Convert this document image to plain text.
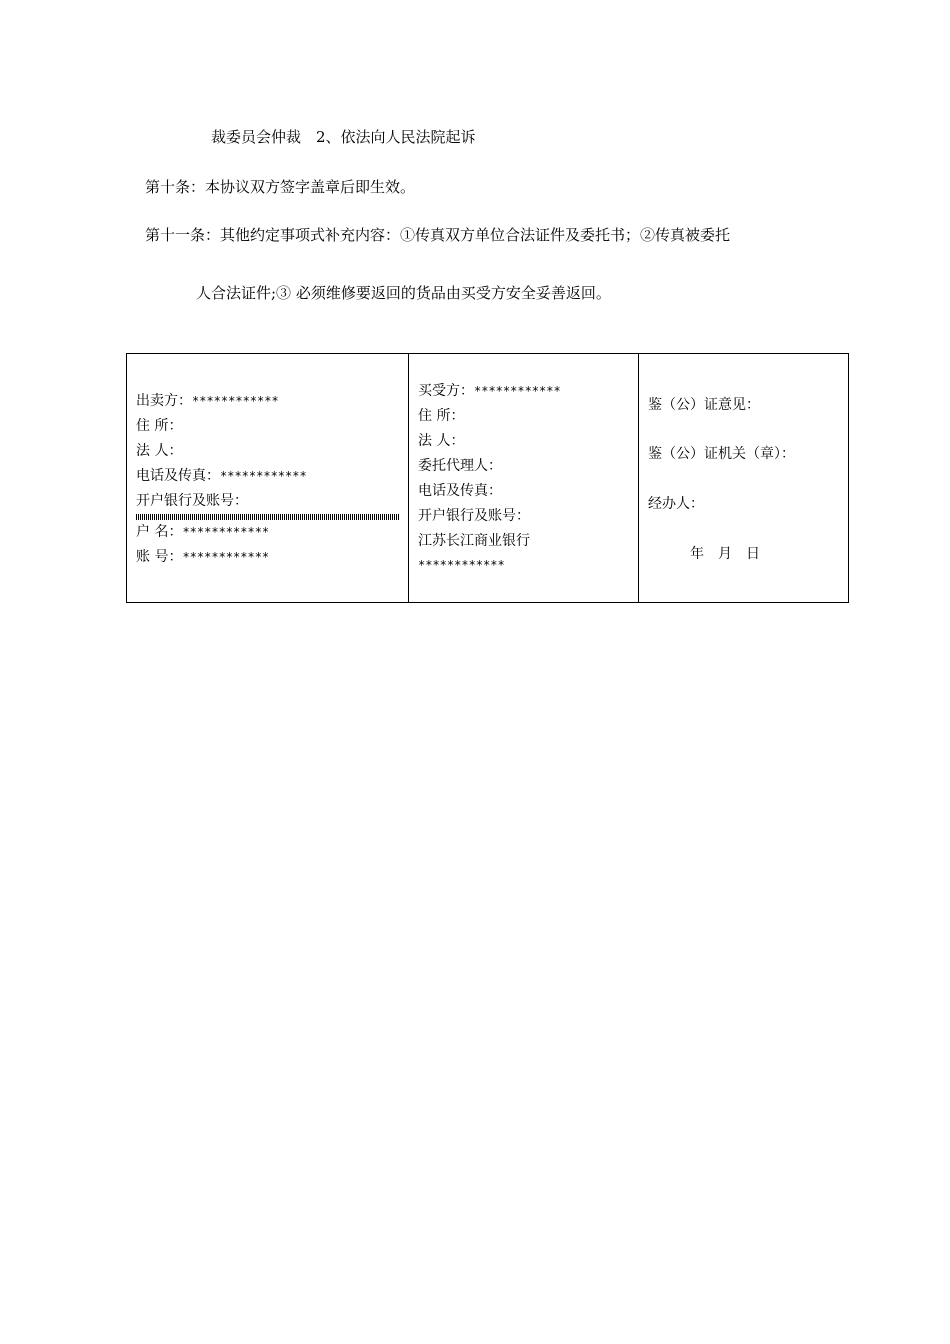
裁委员会仲裁　2、依法向人民法院起诉
第十条：本协议双方签字盖章后即生效。
第十一条：其他约定事项式补充内容：①传真双方单位合法证件及委托书；②传真被委托
人合法证件;③ 必须维修要返回的货品由买受方安全妥善返回。
出卖方：************
住 所：
法 人：
电话及传真：************
开户银行及账号：
户 名：************
账 号：************
买受方：************
住 所：
法 人：
委托代理人：
电话及传真：
开户银行及账号：
江苏长江商业银行
************
鉴（公）证意见：
鉴（公）证机关（章）：
经办人：
年　月　日
